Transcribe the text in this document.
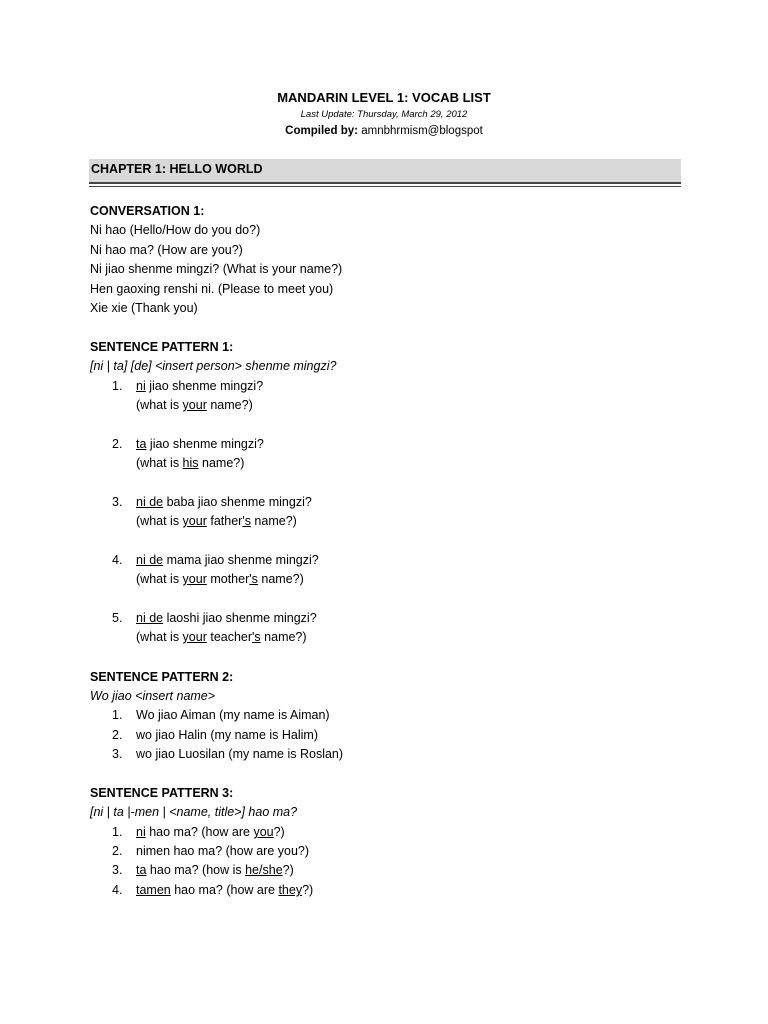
MANDARIN LEVEL 1: VOCAB LIST
Last Update: Thursday, March 29, 2012
Compiled by: amnbhrmism@blogspot
CHAPTER 1: HELLO WORLD
CONVERSATION 1:
Ni hao (Hello/How do you do?)
Ni hao ma? (How are you?)
Ni jiao shenme mingzi? (What is your name?)
Hen gaoxing renshi ni. (Please to meet you)
Xie xie (Thank you)
SENTENCE PATTERN 1:
[ni | ta] [de] <insert person> shenme mingzi?
1.	ni jiao shenme mingzi?
(what is your name?)
2.	ta jiao shenme mingzi?
(what is his name?)
3.	ni de baba jiao shenme mingzi?
(what is your father's name?)
4.	ni de mama jiao shenme mingzi?
(what is your mother's name?)
5.	ni de laoshi jiao shenme mingzi?
(what is your teacher's name?)
SENTENCE PATTERN 2:
Wo jiao <insert name>
1.	Wo jiao Aiman (my name is Aiman)
2.	wo jiao Halin (my name is Halim)
3.	wo jiao Luosilan (my name is Roslan)
SENTENCE PATTERN 3:
[ni | ta |-men | <name, title>] hao ma?
1.	ni hao ma? (how are you?)
2.	nimen hao ma? (how are you?)
3.	ta hao ma? (how is he/she?)
4.	tamen hao ma? (how are they?)
